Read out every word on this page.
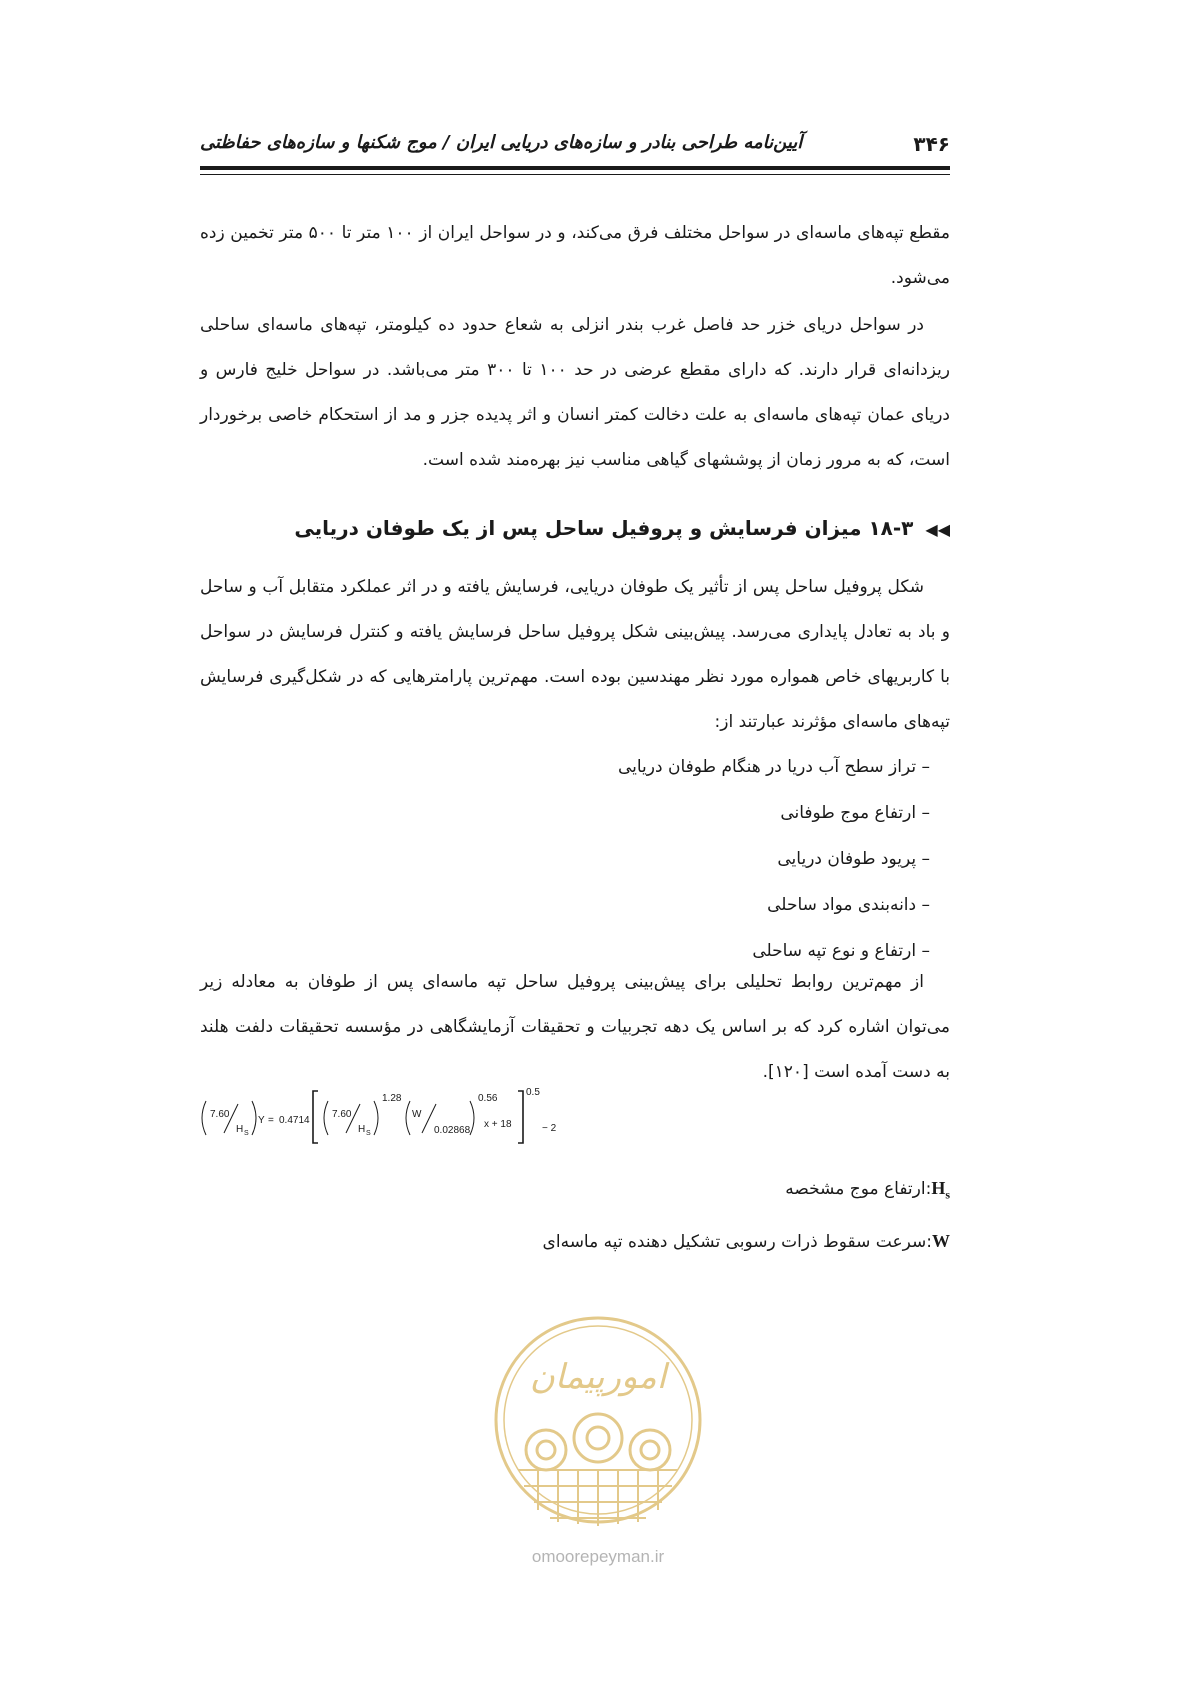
آیین‌نامه طراحی بنادر و سازه‌های دریایی ایران / موج شکنها و سازه‌های حفاظتی	۳۴۶

مقطع تپه‌های ماسه‌ای در سواحل مختلف فرق می‌کند، و در سواحل ایران از ۱۰۰ متر تا ۵۰۰ متر تخمین زده می‌شود.

در سواحل دریای خزر حد فاصل غرب بندر انزلی به شعاع حدود ده کیلومتر، تپه‌های ماسه‌ای ساحلی ریزدانه‌ای قرار دارند. که دارای مقطع عرضی در حد ۱۰۰ تا ۳۰۰ متر می‌باشد. در سواحل خلیج فارس و دریای عمان تپه‌های ماسه‌ای به علت دخالت کمتر انسان و اثر پدیده جزر و مد از استحکام خاصی برخوردار است، که به مرور زمان از پوششهای گیاهی مناسب نیز بهره‌مند شده است.

◀◀۱۸-۳ میزان فرسایش و پروفیل ساحل پس از یک طوفان دریایی

شکل پروفیل ساحل پس از تأثیر یک طوفان دریایی، فرسایش یافته و در اثر عملکرد متقابل آب و ساحل و باد به تعادل پایداری می‌رسد. پیش‌بینی شکل پروفیل ساحل فرسایش یافته و کنترل فرسایش در سواحل با کاربریهای خاص همواره مورد نظر مهندسین بوده است. مهم‌ترین پارامترهایی که در شکل‌گیری فرسایش تپه‌های ماسه‌ای مؤثرند عبارتند از:

– تراز سطح آب دریا در هنگام طوفان دریایی
– ارتفاع موج طوفانی
– پریود طوفان دریایی
– دانه‌بندی مواد ساحلی
– ارتفاع و نوع تپه ساحلی

از مهم‌ترین روابط تحلیلی برای پیش‌بینی پروفیل ساحل تپه ماسه‌ای پس از طوفان به معادله زیر می‌توان اشاره کرد که بر اساس یک دهه تجربیات و تحقیقات آزمایشگاهی در مؤسسه تحقیقات دلفت هلند به دست آمده است [۱۲۰].

7.60
H S
Y = 0.4714
7.60
H S
1.28
W
0.02868
0.56
x + 18
0.5
− 2
$H_s:ارتفاع$ موج مشخصه
W:سرعت سقوط ذرات رسوبی تشکیل دهنده تپه ماسه‌ای
امورپیمان
omoorepeyman.ir
